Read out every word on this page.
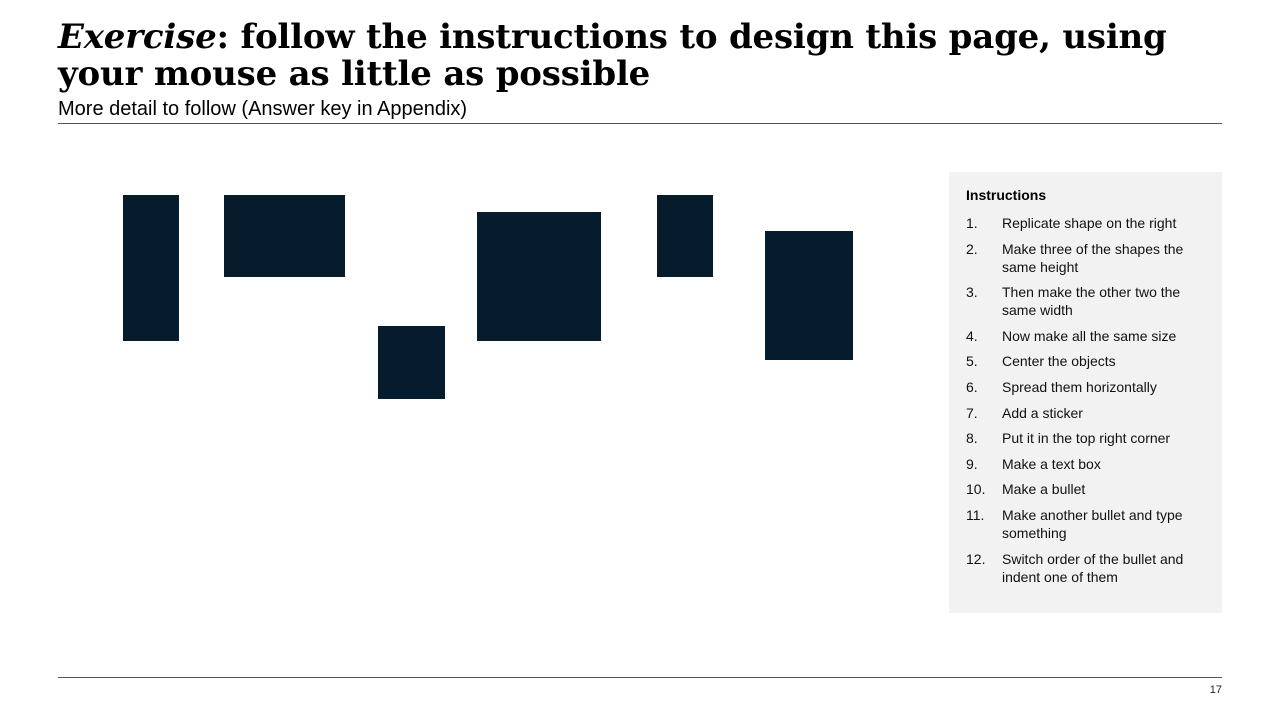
Exercise: follow the instructions to design this page, using your mouse as little as possible
More detail to follow (Answer key in Appendix)
Instructions
1.	Replicate shape on the right
2.	Make three of the shapes the same height
3.	Then make the other two the same width
4.	Now make all the same size
5.	Center the objects
6.	Spread them horizontally
7.	Add a sticker
8.	Put it in the top right corner
9.	Make a text box
10.	Make a bullet
11.	Make another bullet and type something
12.	Switch order of the bullet and indent one of them
17
